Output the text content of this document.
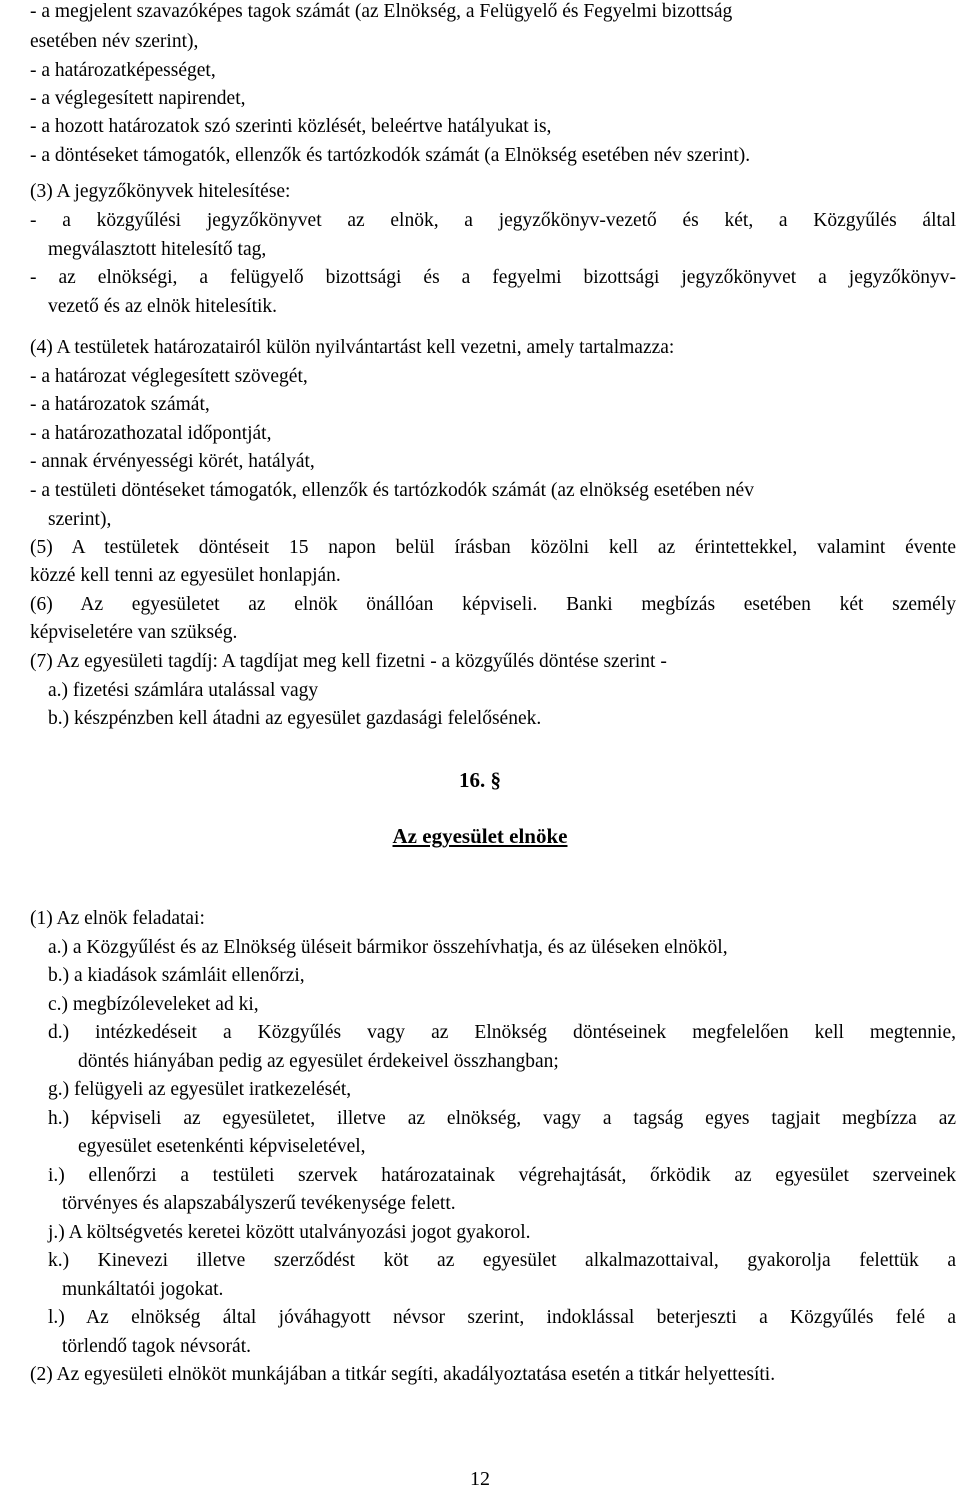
- a megjelent szavazóképes tagok számát (az Elnökség, a Felügyelő és Fegyelmi bizottság
esetében név szerint),
- a határozatképességet,
- a véglegesített napirendet,
- a hozott határozatok szó szerinti közlését, beleértve hatályukat is,
- a döntéseket támogatók, ellenzők és tartózkodók számát (a Elnökség esetében név szerint).
(3) A jegyzőkönyvek hitelesítése:
- a közgyűlési jegyzőkönyvet az elnök, a jegyzőkönyv-vezető és két, a Közgyűlés által
megválasztott hitelesítő tag,
- az elnökségi, a felügyelő bizottsági és a fegyelmi bizottsági jegyzőkönyvet a jegyzőkönyv-
vezető és az elnök hitelesítik.
(4) A testületek határozatairól külön nyilvántartást kell vezetni, amely tartalmazza:
- a határozat véglegesített szövegét,
- a határozatok számát,
- a határozathozatal időpontját,
- annak érvényességi körét, hatályát,
- a testületi döntéseket támogatók, ellenzők és tartózkodók számát (az elnökség esetében név
szerint),
(5) A testületek döntéseit 15 napon belül írásban közölni kell az érintettekkel, valamint évente
közzé kell tenni az egyesület honlapján.
(6) Az egyesületet az elnök önállóan képviseli. Banki megbízás esetében két személy
képviseletére van szükség.
(7) Az egyesületi tagdíj: A tagdíjat meg kell fizetni - a közgyűlés döntése szerint -
a.) fizetési számlára utalással vagy
b.) készpénzben kell átadni az egyesület gazdasági felelősének.
16. §
Az egyesület elnöke
(1) Az elnök feladatai:
a.) a Közgyűlést és az Elnökség üléseit bármikor összehívhatja, és az üléseken elnököl,
b.) a kiadások számláit ellenőrzi,
c.) megbízóleveleket ad ki,
d.) intézkedéseit a Közgyűlés vagy az Elnökség döntéseinek megfelelően kell megtennie,
döntés hiányában pedig az egyesület érdekeivel összhangban;
g.) felügyeli az egyesület iratkezelését,
h.) képviseli az egyesületet, illetve az elnökség, vagy a tagság egyes tagjait megbízza az
egyesület esetenkénti képviseletével,
i.) ellenőrzi a testületi szervek határozatainak végrehajtását, őrködik az egyesület szerveinek
törvényes és alapszabályszerű tevékenysége felett.
j.) A költségvetés keretei között utalványozási jogot gyakorol.
k.) Kinevezi illetve szerződést köt az egyesület alkalmazottaival, gyakorolja felettük a
munkáltatói jogokat.
l.) Az elnökség által jóváhagyott névsor szerint, indoklással beterjeszti a Közgyűlés felé a
törlendő tagok névsorát.
(2) Az egyesületi elnököt munkájában a titkár segíti, akadályoztatása esetén a titkár helyettesíti.
12
